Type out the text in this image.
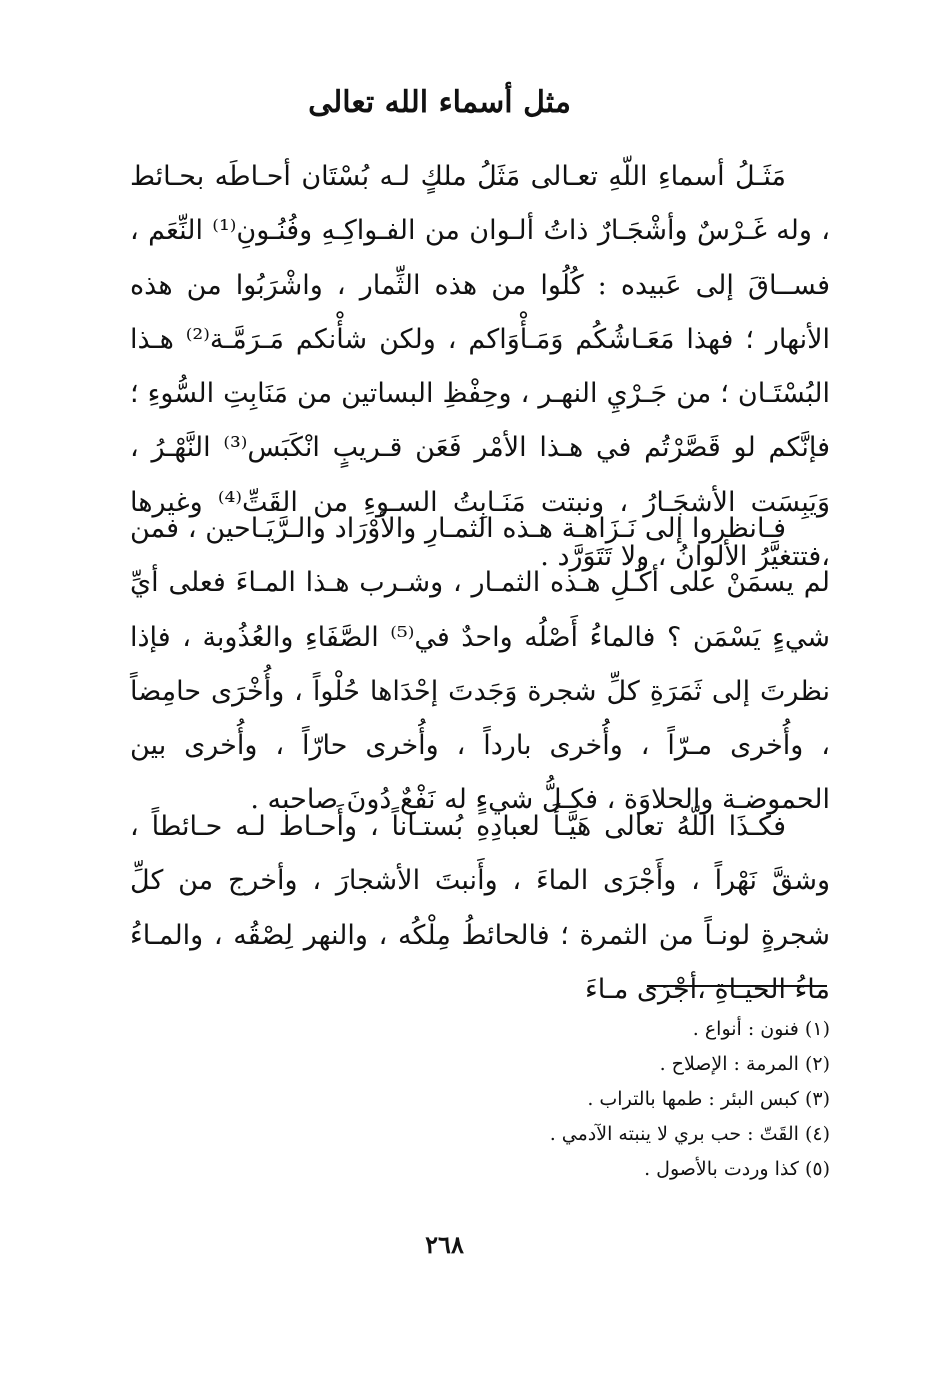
مثل أسماء الله تعالى
مَثَـلُ أسماءِ اللّهِ تعـالى مَثَلُ ملكٍ لـه بُسْتَان أحـاطَه بحـائط ، وله غَـرْسٌ وأشْجَـارٌ ذاتُ ألـوان من الفـواكِـهِ وفُنُـونِ⁽¹⁾ النِّعَم ، فســاقَ إلى عَبيده : كُلُوا من هذه الثِّمار ، واشْرَبُوا من هذه الأنهار ؛ فهذا مَعَـاشُكُم وَمَـأْوَاكم ، ولكن شأْنكم مَـرَمَّـة⁽²⁾ هـذا البُسْتَـان ؛ من جَـرْيِ النهـر ، وحِفْظِ البساتين من مَنَابِتِ السُّوءِ ؛ فإنَّكم لو قَصَّرْتُم في هـذا الأمْر فَعَن قـريبٍ انْكَبَس⁽³⁾ النَّهْـرُ ، وَيَبِسَت الأشجَـارُ ، ونبتت مَنَـابِتُ السـوءِ من القَتِّ⁽⁴⁾ وغيرها ،فتتغيَّرُ الألوانُ ، ولا تَتَوَرَّد .
فـانظروا إلى نَـزَاهـة هـذه الثمـارِ والأوْرَاد والـرَّيَـاحين ، فمن لم يسمَنْ على أكْـلِ هـذه الثمـار ، وشـرب هـذا المـاءَ فعلى أيِّ شيءٍ يَسْمَن ؟ فالماءُ أَصْلُه واحدٌ في⁽⁵⁾ الصَّفَاءِ والعُذُوبة ، فإذا نظرتَ إلى ثَمَرَةِ كلِّ شجرة وَجَدتَ إحْدَاها حُلْواً ، وأُخْرَى حامِضاً ، وأُخرى مـرّاً ، وأُخرى بارداً ، وأُخرى حارّاً ، وأُخرى بين الحموضـة والحلاوَة ، فكـلُّ شيءٍ له نَفْعٌ دُونَ صاحبه .
فكـذَا اللّهُ تعالى هَيَّـأَ لعبادِهِ بُستـاناً ، وأَحـاط لـه حـائطاً ، وشقَّ نَهْراً ، وأَجْرَى الماءَ ، وأَنبتَ الأشجارَ ، وأخرج من كلِّ شجرةٍ لونـاً من الثمرة ؛ فالحائطُ مِلْكُه ، والنهر لِصْقُه ، والمـاءُ ماءُ الحيـاةِ ،أجْرَى مـاءَ
(١) فنون : أنواع .
(٢) المرمة : الإصلاح .
(٣) كبس البئر : طمها بالتراب .
(٤) القَتّ : حب بري لا ينبته الآدمي .
(٥) كذا وردت بالأصول .
٢٦٨
